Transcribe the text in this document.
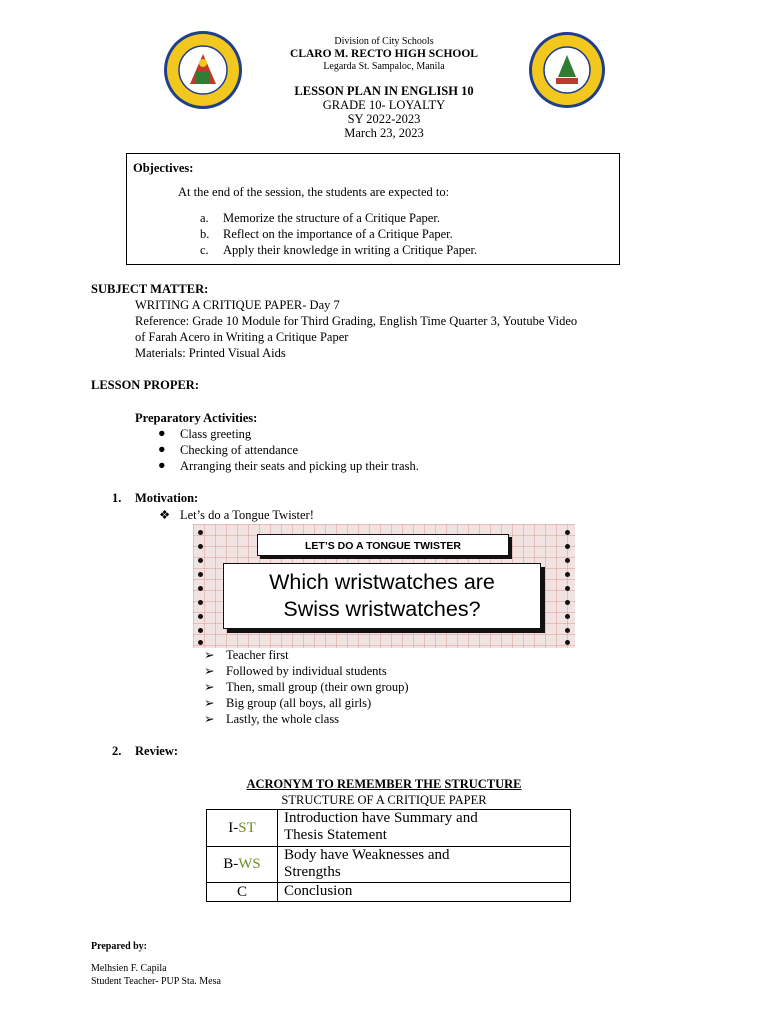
Division of City Schools
CLARO M. RECTO HIGH SCHOOL
Legarda St. Sampaloc, Manila
LESSON PLAN IN ENGLISH 10
GRADE 10- LOYALTY
SY 2022-2023
March 23, 2023
Objectives:
At the end of the session, the students are expected to:
a. Memorize the structure of a Critique Paper.
b. Reflect on the importance of a Critique Paper.
c. Apply their knowledge in writing a Critique Paper.
SUBJECT MATTER:
WRITING A CRITIQUE PAPER- Day 7
Reference: Grade 10 Module for Third Grading, English Time Quarter 3, Youtube Video
of Farah Acero in Writing a Critique Paper
Materials: Printed Visual Aids
LESSON PROPER:
Preparatory Activities:
● Class greeting
● Checking of attendance
● Arranging their seats and picking up their trash.
1. Motivation:
❖ Let’s do a Tongue Twister!
LET’S DO A TONGUE TWISTER
Which wristwatches are
Swiss wristwatches?
➢ Teacher first
➢ Followed by individual students
➢ Then, small group (their own group)
➢ Big group (all boys, all girls)
➢ Lastly, the whole class
2. Review:
ACRONYM TO REMEMBER THE STRUCTURE
STRUCTURE OF A CRITIQUE PAPER
I-ST	Introduction have Summary and
Thesis Statement

B-WS	Body have Weaknesses and
Strengths

C	Conclusion
Prepared by:
Melhsien F. Capila
Student Teacher- PUP Sta. Mesa
